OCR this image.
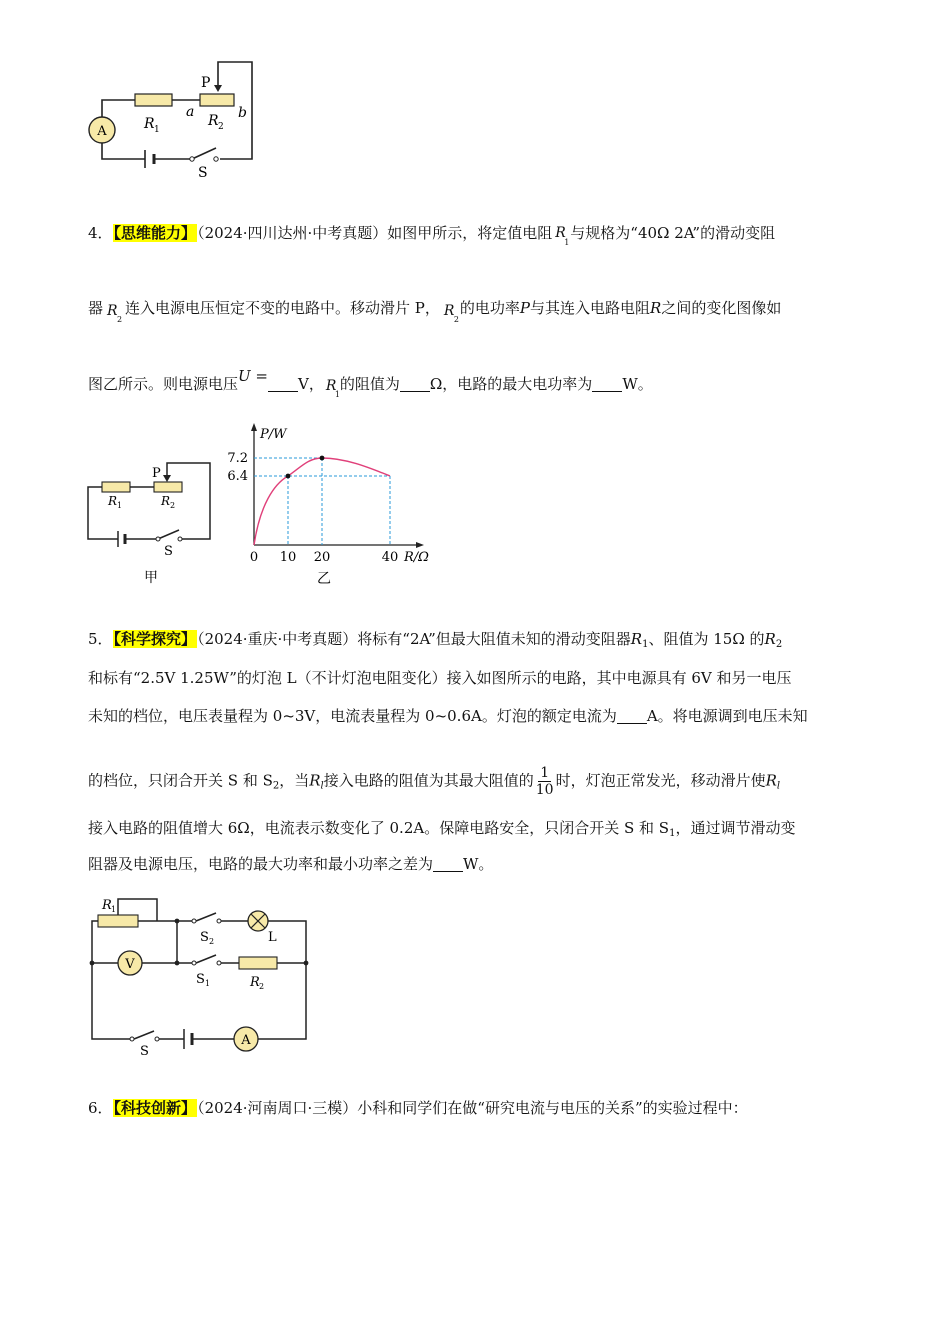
A
P
R 1
a
R 2
b
S
4．【思维能力】（2024·四川达州·中考真题）如图甲所示，将定值电阻 R
1
与规格为“40Ω 2A”的滑动变阻
器 R
2
连入电源电压恒定不变的电路中。移动滑片 P， R
2
的电功率P与其连入电路电阻R之间的变化图像如
图乙所示。则电源电压U = V， R
1
的阻值为 Ω，电路的最大电功率为 W。
P
R 1	R 2
S
甲
0 10 20	40
6.4
7.2
P/W
R/Ω
乙
5．【科学探究】（2024·重庆·中考真题）将标有“2A”但最大阻值未知的滑动变阻器$R_1$、阻值为 15Ω 的$R_2$
和标有“2.5V 1.25W”的灯泡 L（不计灯泡电阻变化）接入如图所示的电路，其中电源具有 6V 和另一电压
未知的档位，电压表量程为 0~3V，电流表量程为 0~0.6A。灯泡的额定电流为 A。将电源调到电压未知
的档位，只闭合开关 S 和 $S_2$，当$R_l$接入电路的阻值为其最大阻值的 $\frac{1}{10}$ 时，灯泡正常发光，移动滑片使$R_l$
接入电路的阻值增大 6Ω，电流表示数变化了 0.2A。保障电路安全，只闭合开关 S 和 $S_1$，通过调节滑动变
阻器及电源电压，电路的最大功率和最小功率之差为 W。
R 1
S 2	L
V
S 1	R 2
S
A
6．【科技创新】（2024·河南周口·三模）小科和同学们在做“研究电流与电压的关系”的实验过程中：
